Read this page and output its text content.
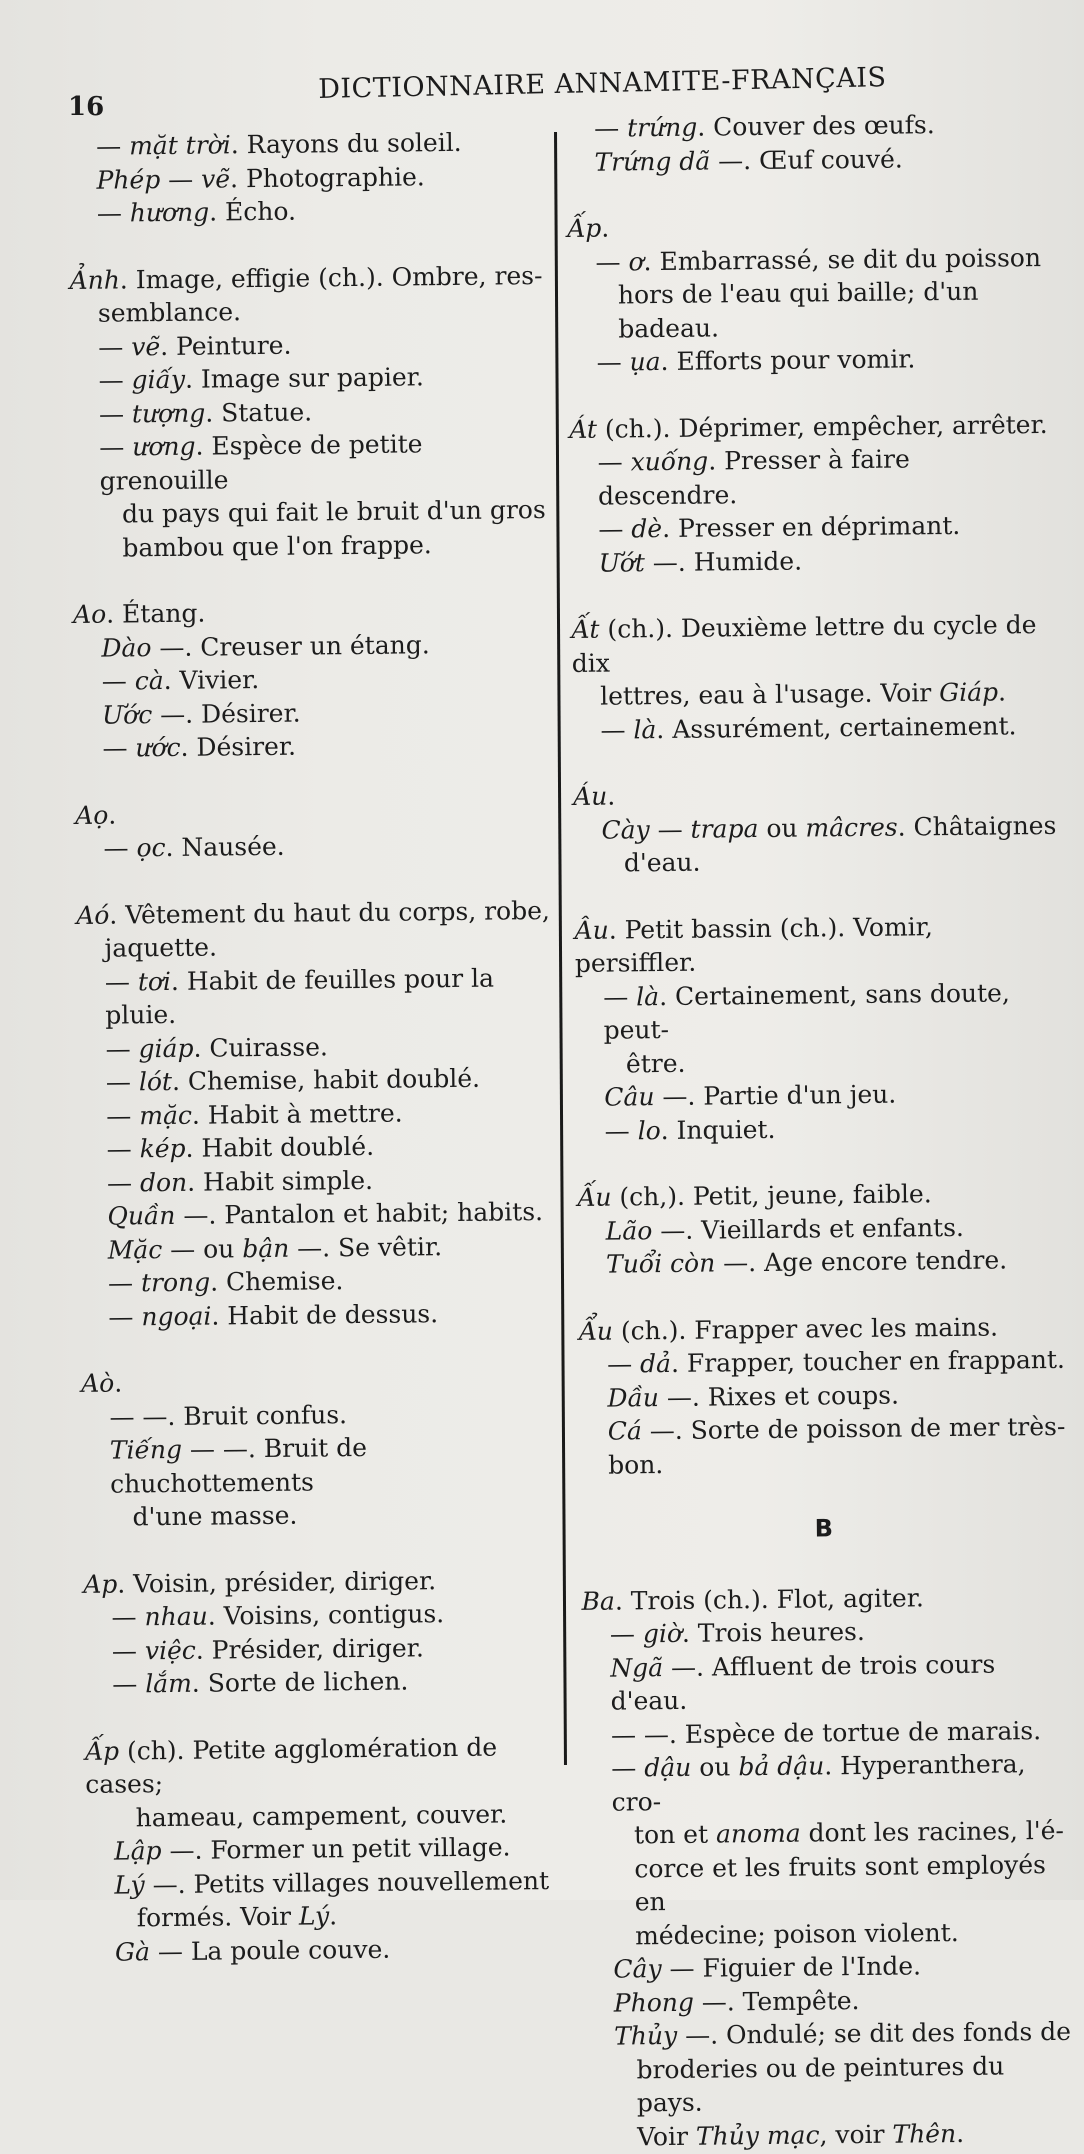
16
DICTIONNAIRE ANNAMITE-FRANÇAIS
— mặt trời. Rayons du soleil.
Phép — vẽ. Photographie.
— hương. Écho.
Ảnh. Image, effigie (ch.). Ombre, res-
semblance.
— vẽ. Peinture.
— giấy. Image sur papier.
— tượng. Statue.
— ương. Espèce de petite grenouille
du pays qui fait le bruit d'un gros
bambou que l'on frappe.
Ao. Étang.
Dào —. Creuser un étang.
— cà. Vivier.
Ước —. Désirer.
— ước. Désirer.
Aọ.
— ọc. Nausée.
Aó. Vêtement du haut du corps, robe,
jaquette.
— tơi. Habit de feuilles pour la pluie.
— giáp. Cuirasse.
— lót. Chemise, habit doublé.
— mặc. Habit à mettre.
— kép. Habit doublé.
— don. Habit simple.
Quần —. Pantalon et habit; habits.
Mặc — ou bận —. Se vêtir.
— trong. Chemise.
— ngoại. Habit de dessus.
Aò.
— —. Bruit confus.
Tiếng — —. Bruit de chuchottements
d'une masse.
Ap. Voisin, présider, diriger.
— nhau. Voisins, contigus.
— việc. Présider, diriger.
— lắm. Sorte de lichen.
Ấp (ch). Petite agglomération de cases;
hameau, campement, couver.
Lập —. Former un petit village.
Lý —. Petits villages nouvellement
formés. Voir Lý.
Gà — La poule couve.
— trứng. Couver des œufs.
Trứng dã —. Œuf couvé.
Ấp.
— ơ. Embarrassé, se dit du poisson
hors de l'eau qui baille; d'un badeau.
— ụa. Efforts pour vomir.
Át (ch.). Déprimer, empêcher, arrêter.
— xuống. Presser à faire descendre.
— dè. Presser en déprimant.
Ướt —. Humide.
Ất (ch.). Deuxième lettre du cycle de dix
lettres, eau à l'usage. Voir Giáp.
— là. Assurément, certainement.
Áu.
Cày — trapa ou mâcres. Châtaignes
d'eau.
Âu. Petit bassin (ch.). Vomir, persiffler.
— là. Certainement, sans doute, peut-
être.
Câu —. Partie d'un jeu.
— lo. Inquiet.
Ấu (ch,). Petit, jeune, faible.
Lão —. Vieillards et enfants.
Tuổi còn —. Age encore tendre.
Ẩu (ch.). Frapper avec les mains.
— dả. Frapper, toucher en frappant.
Dầu —. Rixes et coups.
Cá —. Sorte de poisson de mer très-bon.
B
Ba. Trois (ch.). Flot, agiter.
— giờ. Trois heures.
Ngã —. Affluent de trois cours d'eau.
— —. Espèce de tortue de marais.
— dậu ou bả dậu. Hyperanthera, cro-
ton et anoma dont les racines, l'é-
corce et les fruits sont employés en
médecine; poison violent.
Cây — Figuier de l'Inde.
Phong —. Tempête.
Thủy —. Ondulé; se dit des fonds de
broderies ou de peintures du pays.
Voir Thủy mạc, voir Thên.
